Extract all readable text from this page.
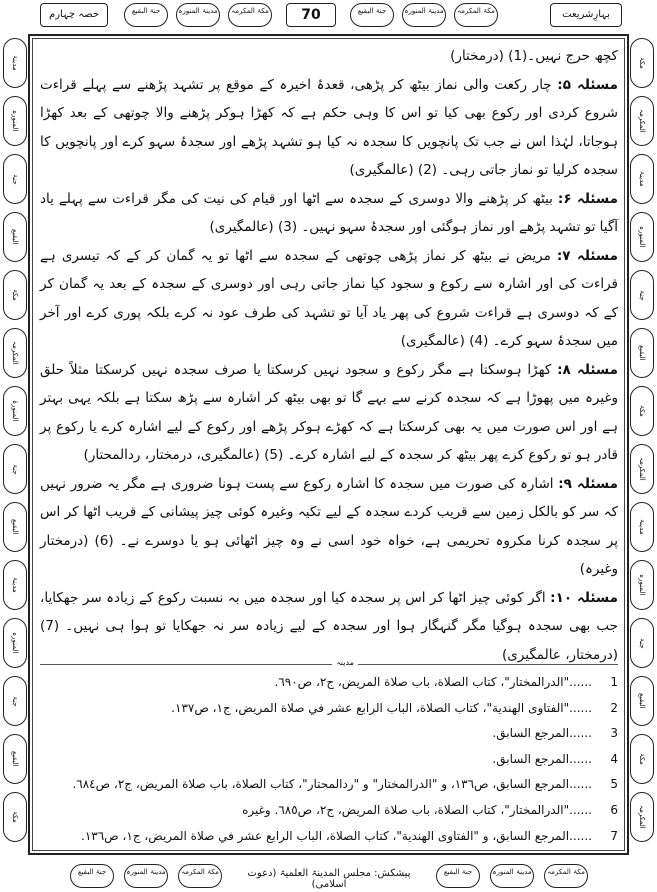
حصہ چہارم	جنۃ البقیع	مدینۃ المنورہ	مکۃ المکرمہ	70	جنۃ البقیع	مدینۃ المنورہ	مکۃ المکرمہ	بہارِشریعت
مدینۃ
المنورہ
جنۃ
البقیع
مکۃ
المکرمہ
المنورۃ
جنۃ
البقیع
مدینۃ
المنورہ
جنۃ
البقیع
مکۃ
مکۃ
المکرمہ
مدینۃ
المنورہ
جنۃ
البقیع
مکۃ
المکرمہ
مدینۃ
المنورہ
جنۃ
البقیع
مکۃ
المکرمہ

کچھ حرج نہیں۔(1) (درمختار)

مسئلہ ۵: چار رکعت والی نماز بیٹھ کر پڑھی، قعدۂ اخیرہ کے موقع پر تشہد پڑھنے سے پہلے قراءت شروع کردی اور رکوع بھی کیا تو اس کا وہی حکم ہے کہ کھڑا ہوکر پڑھنے والا چوتھی کے بعد کھڑا ہوجاتا، لہٰذا اس نے جب تک پانچویں کا سجدہ نہ کیا ہو تشہد پڑھے اور سجدۂ سہو کرے اور پانچویں کا سجدہ کرلیا تو نماز جاتی رہی۔ (2) (عالمگیری)

مسئلہ ۶: بیٹھ کر پڑھنے والا دوسری کے سجدہ سے اٹھا اور قیام کی نیت کی مگر قراءت سے پہلے یاد آگیا تو تشہد پڑھے اور نماز ہوگئی اور سجدۂ سہو نہیں۔ (3) (عالمگیری)

مسئلہ ۷: مریض نے بیٹھ کر نماز پڑھی چوتھی کے سجدہ سے اٹھا تو یہ گمان کر کے کہ تیسری ہے قراءت کی اور اشارہ سے رکوع و سجود کیا نماز جاتی رہی اور دوسری کے سجدہ کے بعد یہ گمان کر کے کہ دوسری ہے قراءت شروع کی پھر یاد آیا تو تشہد کی طرف عود نہ کرے بلکہ پوری کرے اور آخر میں سجدۂ سہو کرے۔ (4) (عالمگیری)

مسئلہ ۸: کھڑا ہوسکتا ہے مگر رکوع و سجود نہیں کرسکتا یا صرف سجدہ نہیں کرسکتا مثلاً حلق وغیرہ میں پھوڑا ہے کہ سجدہ کرنے سے بہے گا تو بھی بیٹھ کر اشارہ سے پڑھ سکتا ہے بلکہ یہی بہتر ہے اور اس صورت میں یہ بھی کرسکتا ہے کہ کھڑے ہوکر پڑھے اور رکوع کے لیے اشارہ کرے یا رکوع پر قادر ہو تو رکوع کرے پھر بیٹھ کر سجدہ کے لیے اشارہ کرے۔ (5) (عالمگیری، درمختار، ردالمحتار)

مسئلہ ۹: اشارہ کی صورت میں سجدہ کا اشارہ رکوع سے پست ہونا ضروری ہے مگر یہ ضرور نہیں کہ سر کو بالکل زمین سے قریب کردے سجدہ کے لیے تکیہ وغیرہ کوئی چیز پیشانی کے قریب اٹھا کر اس پر سجدہ کرنا مکروہ تحریمی ہے، خواہ خود اسی نے وہ چیز اٹھائی ہو یا دوسرے نے۔ (6) (درمختار وغیرہ)

مسئلہ ۱۰: اگر کوئی چیز اٹھا کر اس پر سجدہ کیا اور سجدہ میں بہ نسبت رکوع کے زیادہ سر جھکایا، جب بھی سجدہ ہوگیا مگر گنہگار ہوا اور سجدہ کے لیے زیادہ سر نہ جھکایا تو ہوا ہی نہیں۔ (7) (درمختار، عالمگیری)

مدینہ
1
......"الدرالمختار"، كتاب الصلاة، باب صلاة المريض، ج٢، ص٦٩٠.
2
......"الفتاوى الهندية"، كتاب الصلاة، الباب الرابع عشر في صلاة المريض، ج١، ص١٣٧.
3
......المرجع السابق.
4
......المرجع السابق.
5
......المرجع السابق، ص١٣٦، و "الدرالمختار" و "ردالمحتار"، كتاب الصلاة، باب صلاة المريض، ج٢، ص٦٨٤.
6
......"الدرالمختار"، كتاب الصلاة، باب صلاة المريض، ج٢، ص٦٨٥. وغيره
7
......المرجع السابق، و "الفتاوى الهندية"، كتاب الصلاة، الباب الرابع عشر في صلاة المريض، ج١، ص١٣٦.
جنۃ البقیع	مدینۃ المنورہ	مکۃ المکرمہ	پیشکش: مجلس المدینۃ العلمیۃ (دعوت اسلامی)
جنۃ البقیع	مدینۃ المنورہ	مکۃ المکرمہ
